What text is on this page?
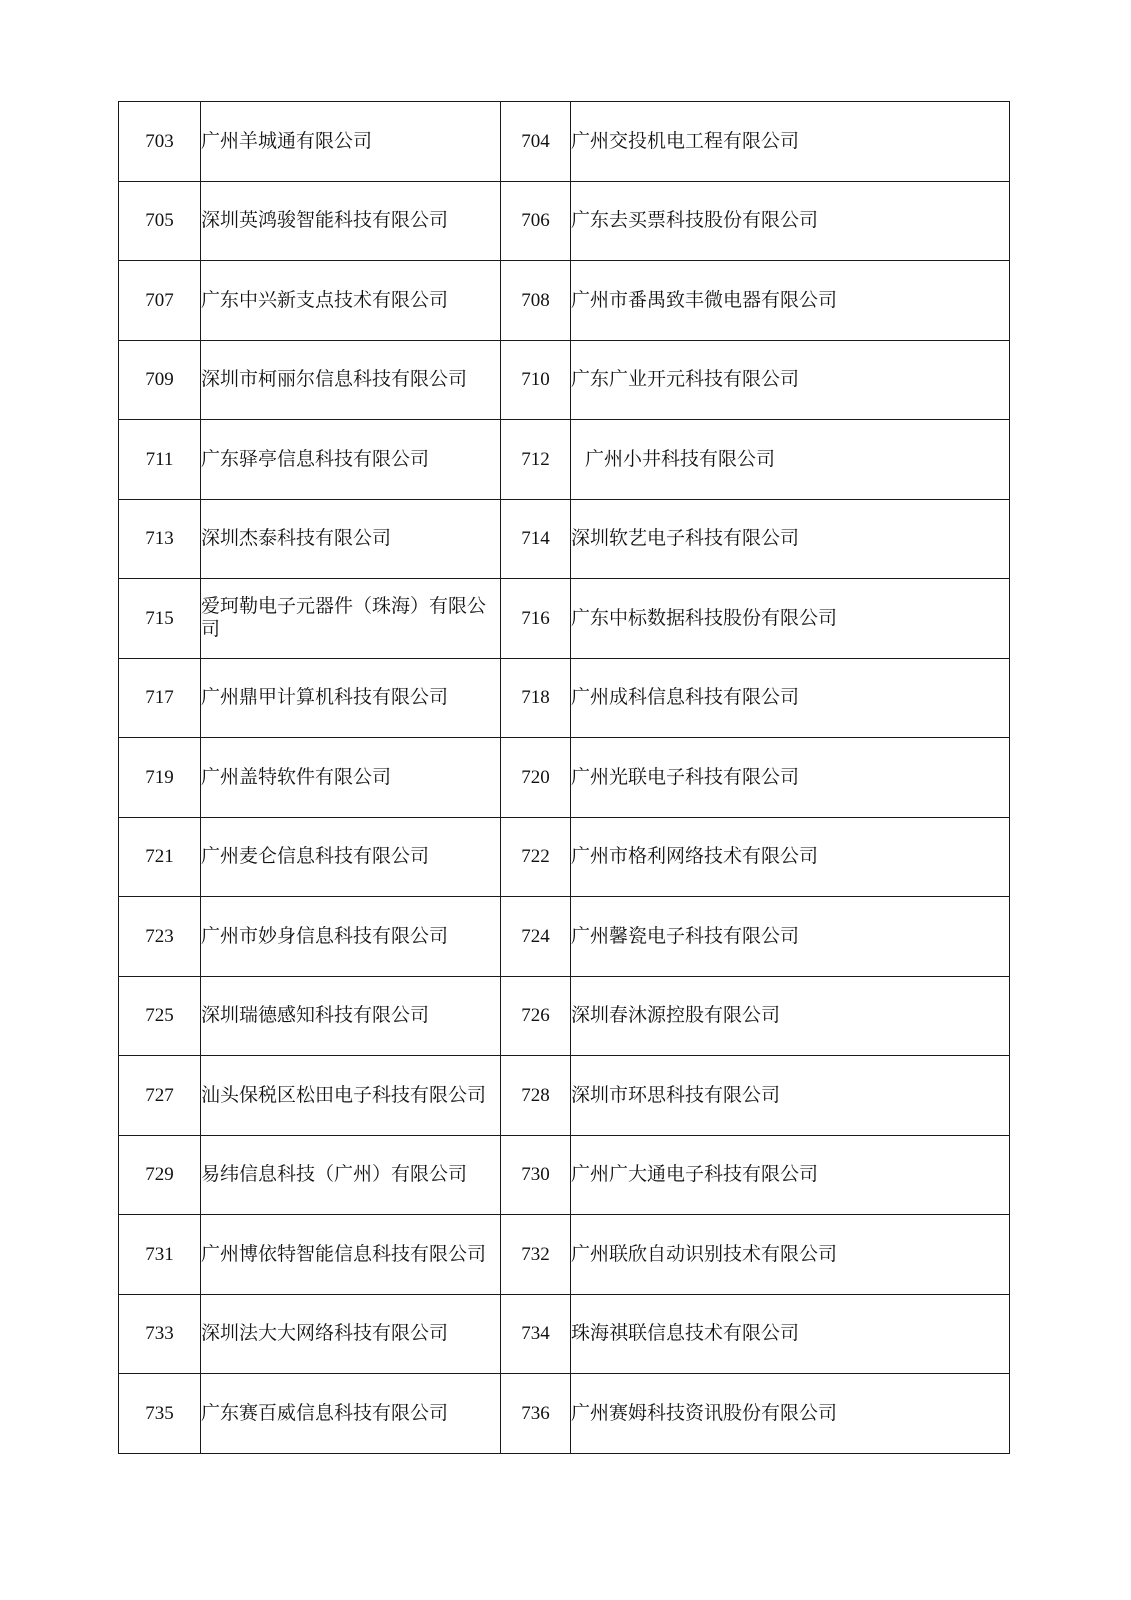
703	广州羊城通有限公司	704	广州交投机电工程有限公司
705	深圳英鸿骏智能科技有限公司	706	广东去买票科技股份有限公司
707	广东中兴新支点技术有限公司	708	广州市番禺致丰微电器有限公司
709	深圳市柯丽尔信息科技有限公司	710	广东广业开元科技有限公司
711	广东驿亭信息科技有限公司	712	广州小井科技有限公司
713	深圳杰泰科技有限公司	714	深圳软艺电子科技有限公司
715	爱珂勒电子元器件（珠海）有限公司	716	广东中标数据科技股份有限公司
717	广州鼎甲计算机科技有限公司	718	广州成科信息科技有限公司
719	广州盖特软件有限公司	720	广州光联电子科技有限公司
721	广州麦仑信息科技有限公司	722	广州市格利网络技术有限公司
723	广州市妙身信息科技有限公司	724	广州馨瓷电子科技有限公司
725	深圳瑞德感知科技有限公司	726	深圳春沐源控股有限公司
727	汕头保税区松田电子科技有限公司	728	深圳市环思科技有限公司
729	易纬信息科技（广州）有限公司	730	广州广大通电子科技有限公司
731	广州博依特智能信息科技有限公司	732	广州联欣自动识别技术有限公司
733	深圳法大大网络科技有限公司	734	珠海祺联信息技术有限公司
735	广东赛百威信息科技有限公司	736	广州赛姆科技资讯股份有限公司
